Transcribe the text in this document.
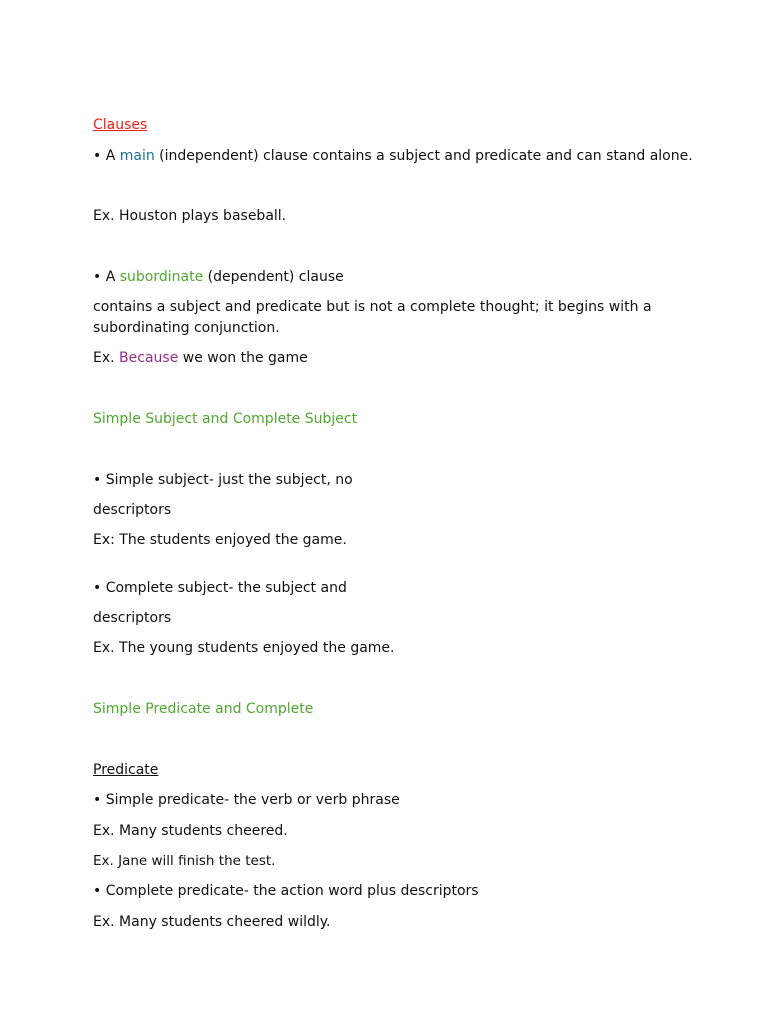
Clauses
• A main (independent) clause contains a subject and predicate and can stand alone.
Ex. Houston plays baseball.
• A subordinate (dependent) clause
contains a subject and predicate but is not a complete thought; it begins with a
subordinating conjunction.
Ex. Because we won the game
Simple Subject and Complete Subject
• Simple subject- just the subject, no
descriptors
Ex: The students enjoyed the game.
• Complete subject- the subject and
descriptors
Ex. The young students enjoyed the game.
Simple Predicate and Complete
Predicate
• Simple predicate- the verb or verb phrase
Ex. Many students cheered.
Ex. Jane will finish the test.
• Complete predicate- the action word plus descriptors
Ex. Many students cheered wildly.
